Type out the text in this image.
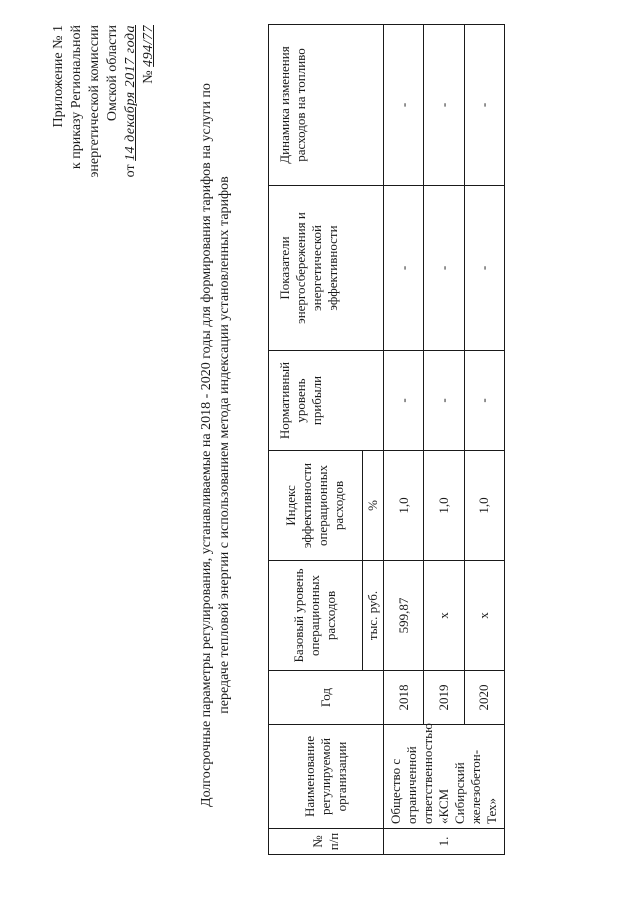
Приложение № 1 к приказу Региональной энергетической комиссии Омской области
от 14 декабря 2017 года № 494/77
Долгосрочные параметры регулирования, устанавливаемые на 2018 - 2020 годы для формирования тарифов на услуги по передаче тепловой энергии с использованием метода индексации установленных тарифов
№ п/п	Наименование регулируемой организации	Год	Базовый уровень операционных расходов	Индекс эффективности операционных расходов	Нормативный уровень прибыли	Показатели энергосбережения и энергетической эффективности	Динамика изменения расходов на топливо
			тыс. руб.	%			
1.	Общество с ограниченной ответственностью «КСМ Сибирский железобетон-Тех»	2018	599,87	1,0	-	-	-
		2019	x	1,0	-	-	-
		2020	x	1,0	-	-	-
